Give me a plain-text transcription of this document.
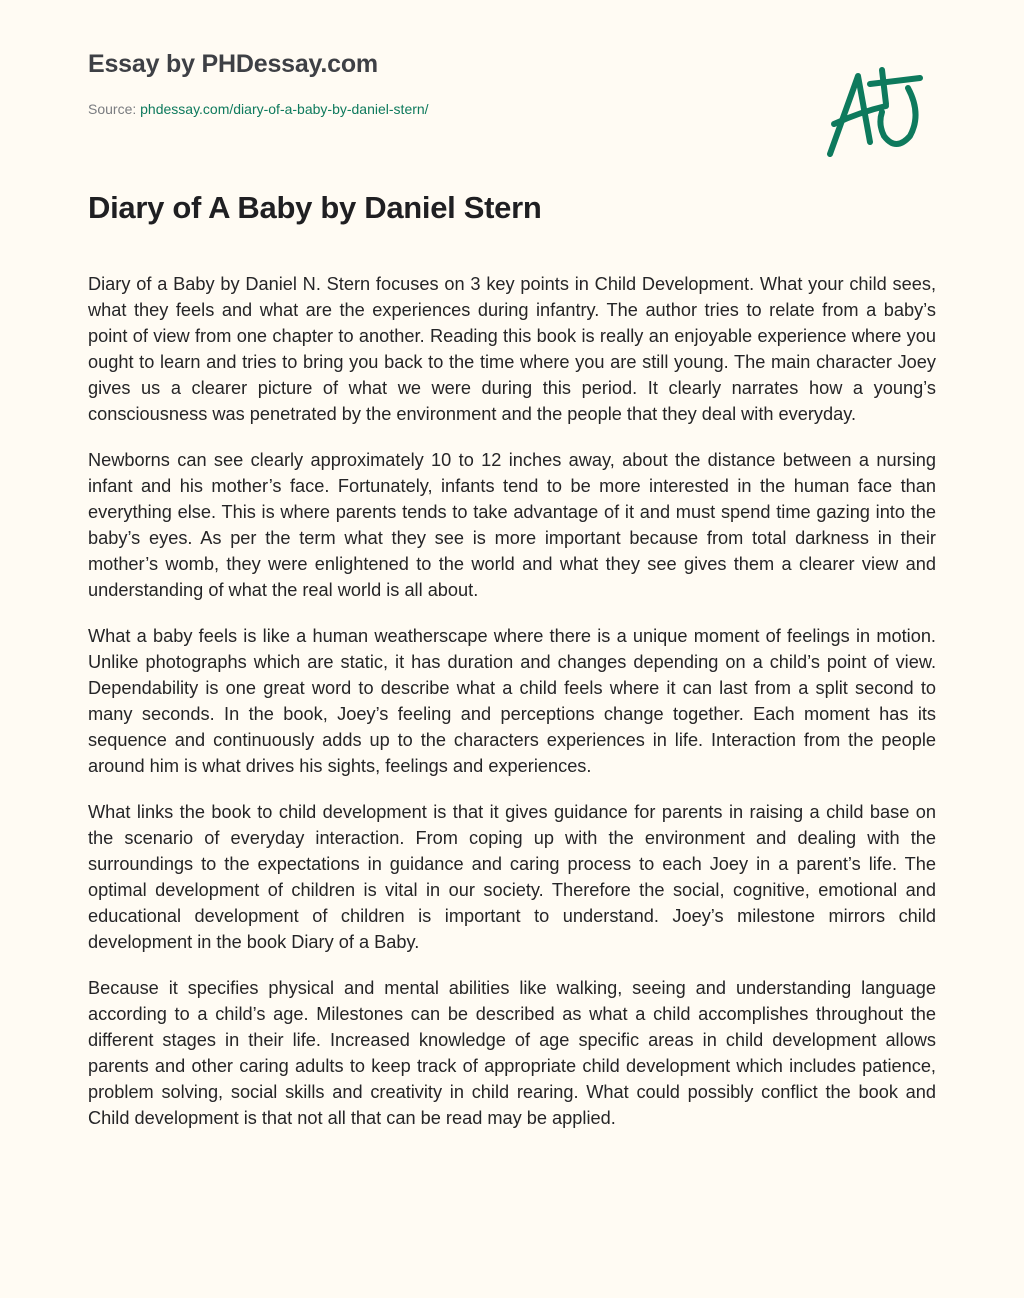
Essay by PHDessay.com
Source: phdessay.com/diary-of-a-baby-by-daniel-stern/
Diary of A Baby by Daniel Stern

Diary of a Baby by Daniel N. Stern focuses on 3 key points in Child Development. What your child sees, what they feels and what are the experiences during infantry. The author tries to relate from a baby’s point of view from one chapter to another. Reading this book is really an enjoyable experience where you ought to learn and tries to bring you back to the time where you are still young. The main character Joey gives us a clearer picture of what we were during this period. It clearly narrates how a young’s consciousness was penetrated by the environment and the people that they deal with everyday.

Newborns can see clearly approximately 10 to 12 inches away, about the distance between a nursing infant and his mother’s face. Fortunately, infants tend to be more interested in the human face than everything else. This is where parents tends to take advantage of it and must spend time gazing into the baby’s eyes. As per the term what they see is more important because from total darkness in their mother’s womb, they were enlightened to the world and what they see gives them a clearer view and understanding of what the real world is all about.

What a baby feels is like a human weatherscape where there is a unique moment of feelings in motion. Unlike photographs which are static, it has duration and changes depending on a child’s point of view. Dependability is one great word to describe what a child feels where it can last from a split second to many seconds. In the book, Joey’s feeling and perceptions change together. Each moment has its sequence and continuously adds up to the characters experiences in life. Interaction from the people around him is what drives his sights, feelings and experiences.

What links the book to child development is that it gives guidance for parents in raising a child base on the scenario of everyday interaction. From coping up with the environment and dealing with the surroundings to the expectations in guidance and caring process to each Joey in a parent’s life. The optimal development of children is vital in our society. Therefore the social, cognitive, emotional and educational development of children is important to understand. Joey’s milestone mirrors child development in the book Diary of a Baby.

Because it specifies physical and mental abilities like walking, seeing and understanding language according to a child’s age. Milestones can be described as what a child accomplishes throughout the different stages in their life. Increased knowledge of age specific areas in child development allows parents and other caring adults to keep track of appropriate child development which includes patience, problem solving, social skills and creativity in child rearing. What could possibly conflict the book and Child development is that not all that can be read may be applied.
